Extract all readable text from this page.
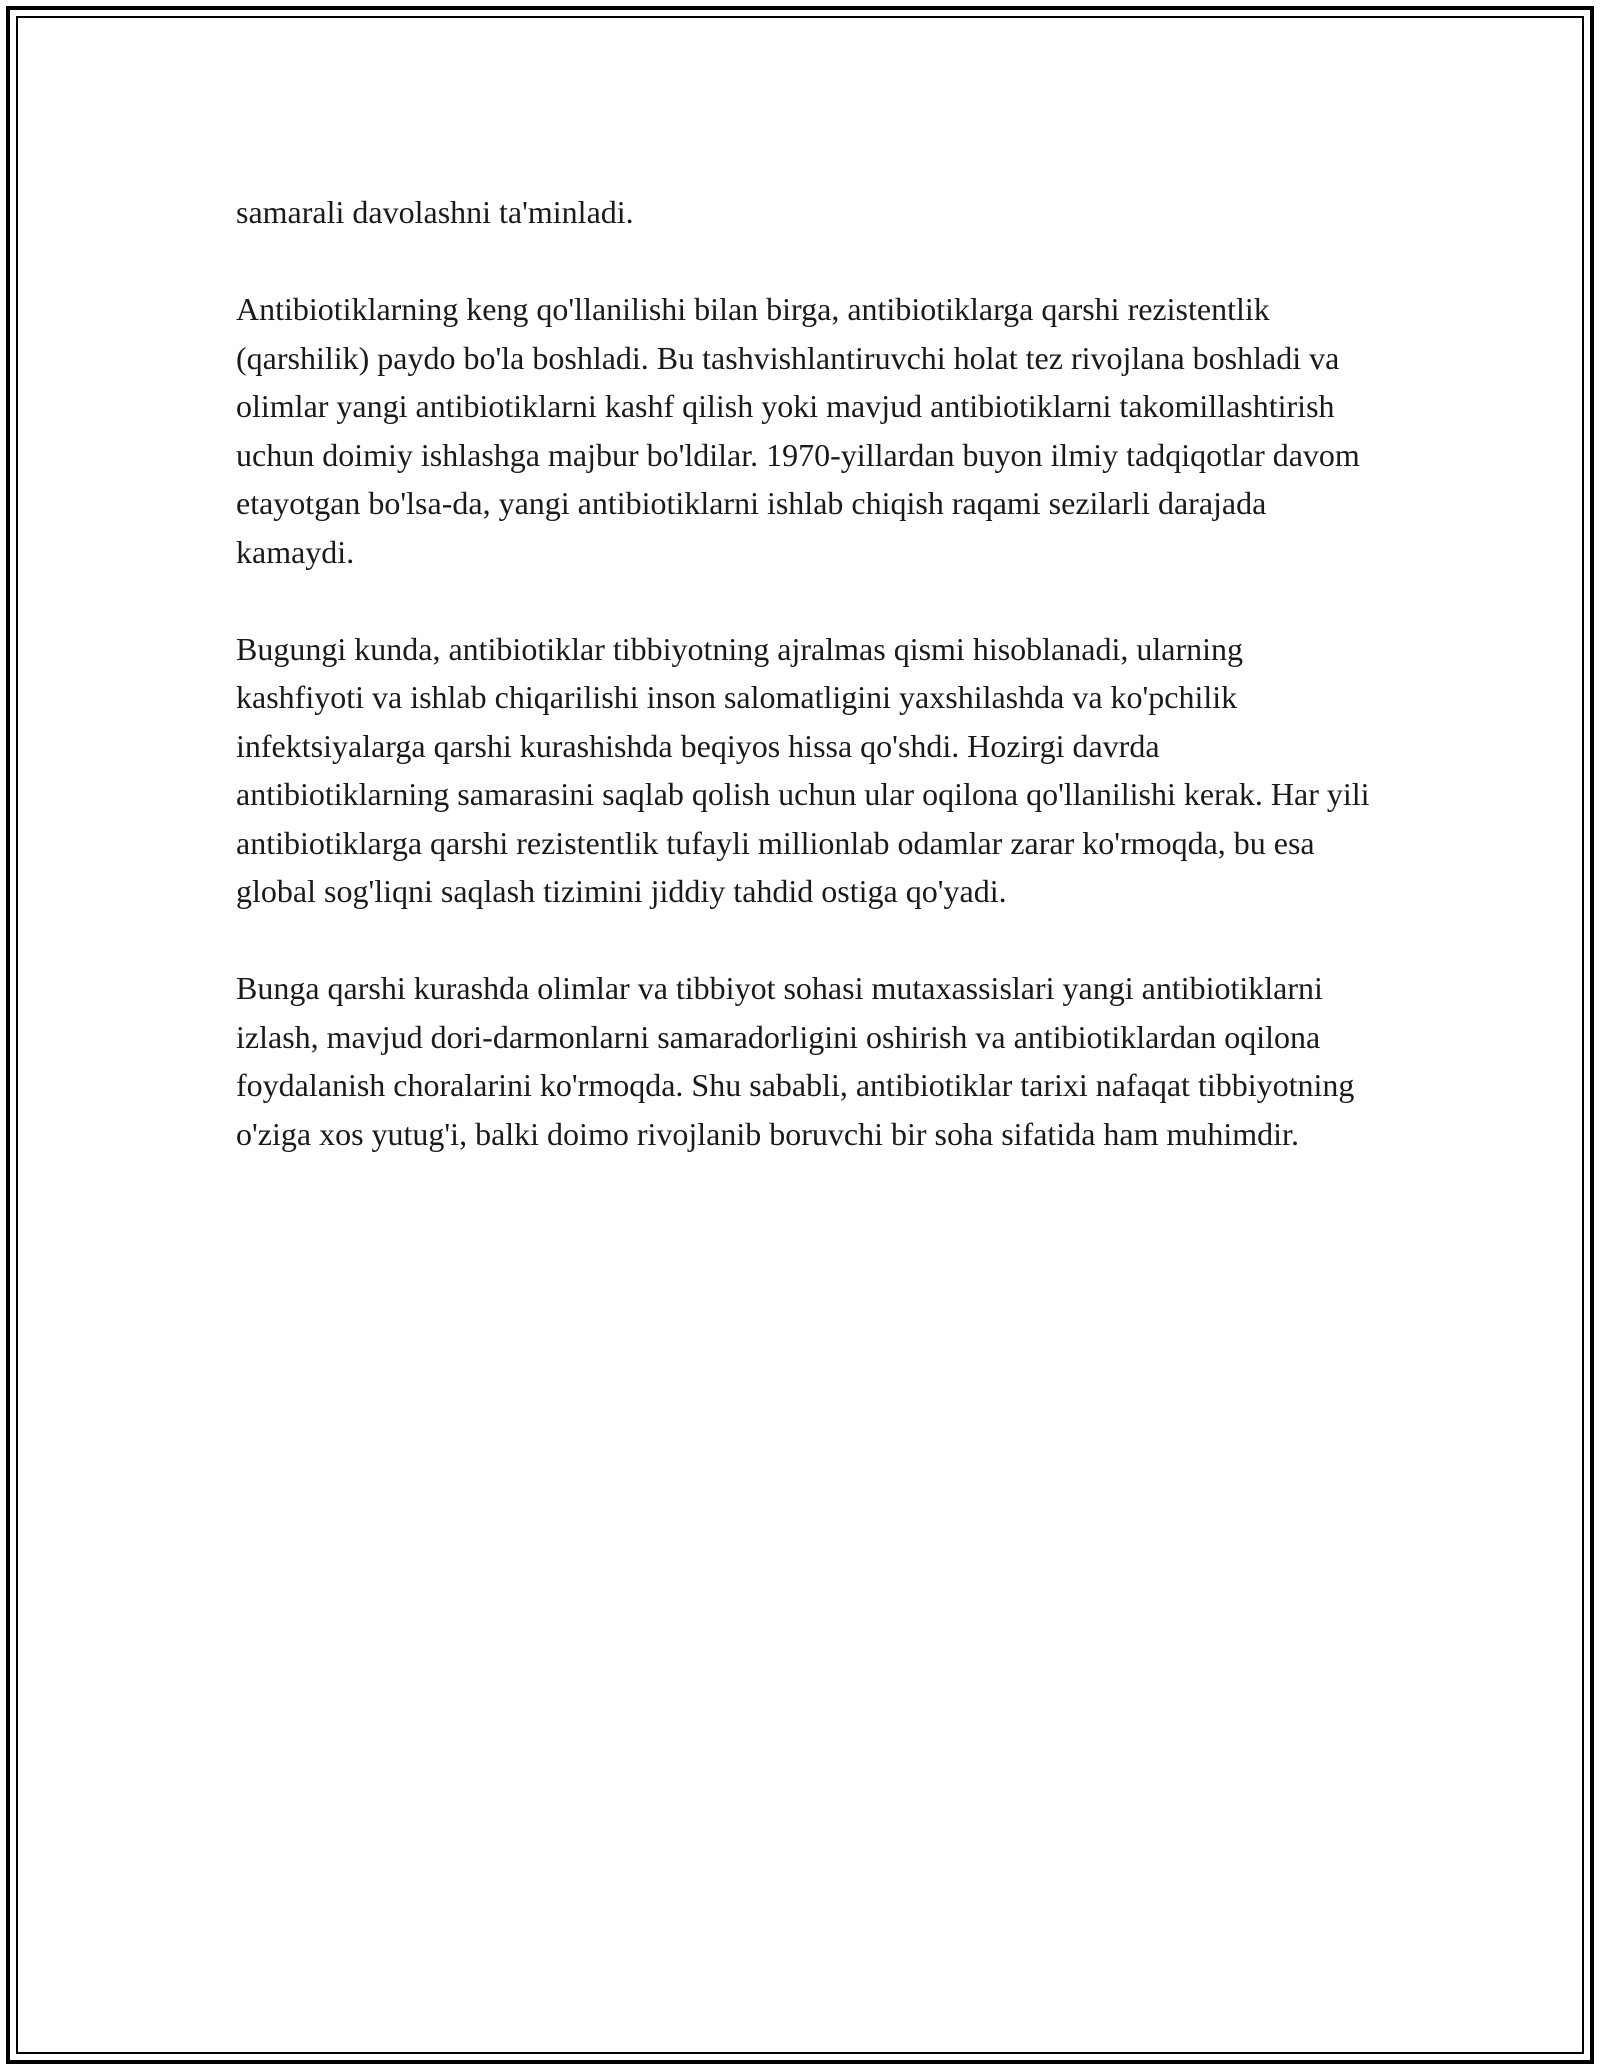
samarali davolashni ta'minladi.

Antibiotiklarning keng qo'llanilishi bilan birga, antibiotiklarga qarshi rezistentlik (qarshilik) paydo bo'la boshladi. Bu tashvishlantiruvchi holat tez rivojlana boshladi va olimlar yangi antibiotiklarni kashf qilish yoki mavjud antibiotiklarni takomillashtirish uchun doimiy ishlashga majbur bo'ldilar. 1970-yillardan buyon ilmiy tadqiqotlar davom etayotgan bo'lsa-da, yangi antibiotiklarni ishlab chiqish raqami sezilarli darajada kamaydi.

Bugungi kunda, antibiotiklar tibbiyotning ajralmas qismi hisoblanadi, ularning kashfiyoti va ishlab chiqarilishi inson salomatligini yaxshilashda va ko'pchilik infektsiyalarga qarshi kurashishda beqiyos hissa qo'shdi. Hozirgi davrda antibiotiklarning samarasini saqlab qolish uchun ular oqilona qo'llanilishi kerak. Har yili antibiotiklarga qarshi rezistentlik tufayli millionlab odamlar zarar ko'rmoqda, bu esa global sog'liqni saqlash tizimini jiddiy tahdid ostiga qo'yadi.

Bunga qarshi kurashda olimlar va tibbiyot sohasi mutaxassislari yangi antibiotiklarni izlash, mavjud dori-darmonlarni samaradorligini oshirish va antibiotiklardan oqilona foydalanish choralarini ko'rmoqda. Shu sababli, antibiotiklar tarixi nafaqat tibbiyotning o'ziga xos yutug'i, balki doimo rivojlanib boruvchi bir soha sifatida ham muhimdir.
